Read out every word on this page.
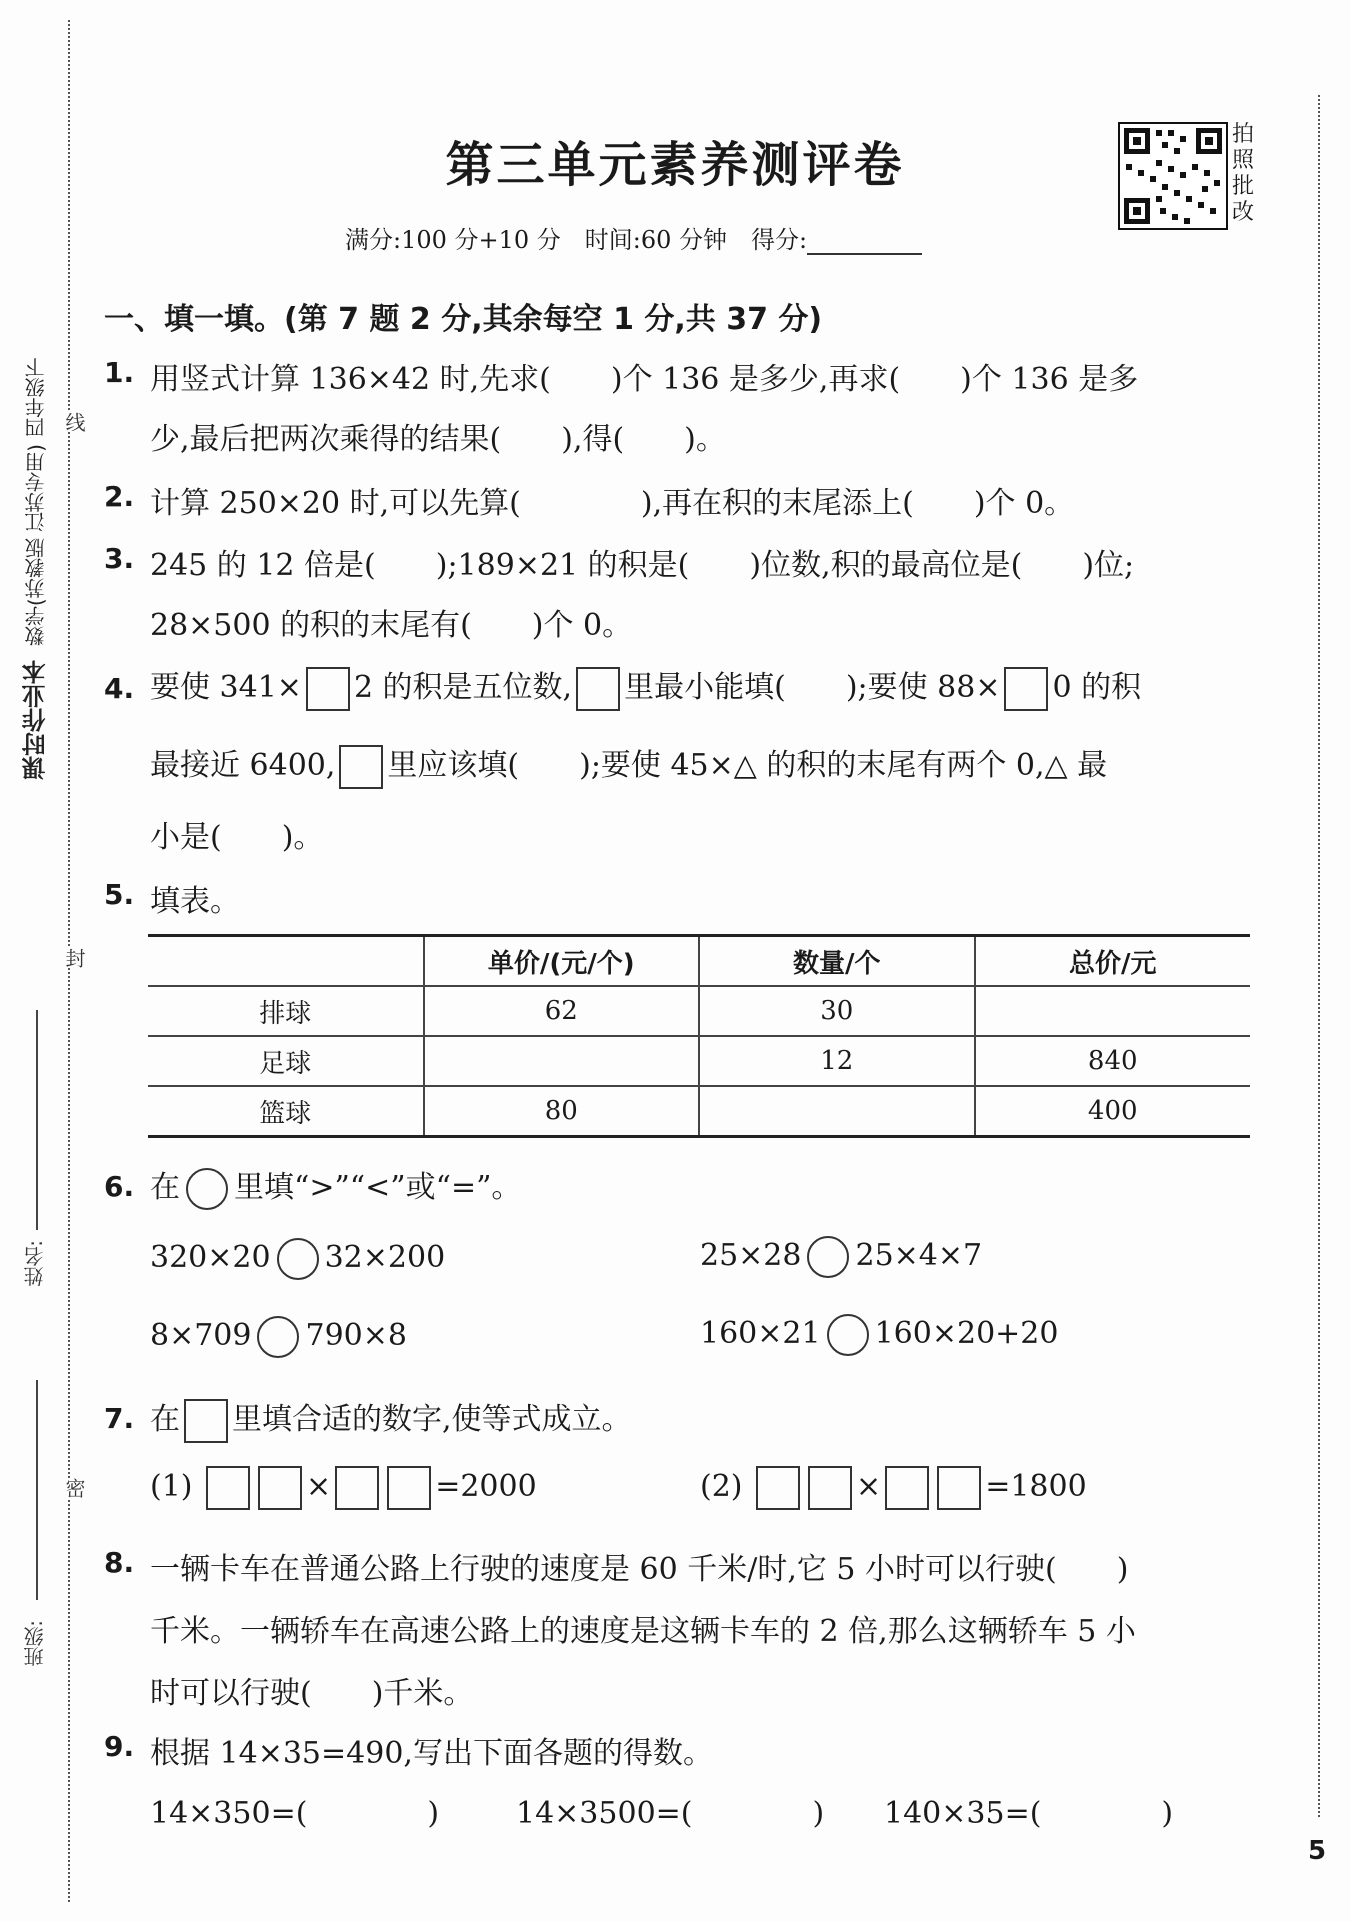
课时作业本  数学(苏教版 江苏专用) 四年级下 线
封
密
姓名:
班级:
第三单元素养测评卷
满分:100 分+10 分　时间:60 分钟　得分:
拍照批改
一、填一填。(第 7 题 2 分,其余每空 1 分,共 37 分)
1. 用竖式计算 136×42 时,先求(　　)个 136 是多少,再求(　　)个 136 是多
少,最后把两次乘得的结果(　　),得(　　)。
2. 计算 250×20 时,可以先算(　　　　),再在积的末尾添上(　　)个 0。
3. 245 的 12 倍是(　　);189×21 的积是(　　)位数,积的最高位是(　　)位;
28×500 的积的末尾有(　　)个 0。
4. 要使 341× 2 的积是五位数, 里最小能填(　　);要使 88× 0 的积
最接近 6400, 里应该填(　　);要使 45×△ 的积的末尾有两个 0,△ 最
小是(　　)。
5. 填表。
	单价/(元/个)	数量/个	总价/元
排球	62	30	
足球		12	840
篮球	80		400
6. 在 里填“>”“<”或“=”。
320×20 32×200	25×28 25×4×7
8×709 790×8	160×21 160×20+20
7. 在 里填合适的数字,使等式成立。
(1)	×	=2000	(2)	×	=1800
8. 一辆卡车在普通公路上行驶的速度是 60 千米/时,它 5 小时可以行驶(　　)
千米。一辆轿车在高速公路上的速度是这辆卡车的 2 倍,那么这辆轿车 5 小
时可以行驶(　　)千米。
9. 根据 14×35=490,写出下面各题的得数。
14×350=(　　　　)	14×3500=(　　　　) 140×35=(　　　　)
5
